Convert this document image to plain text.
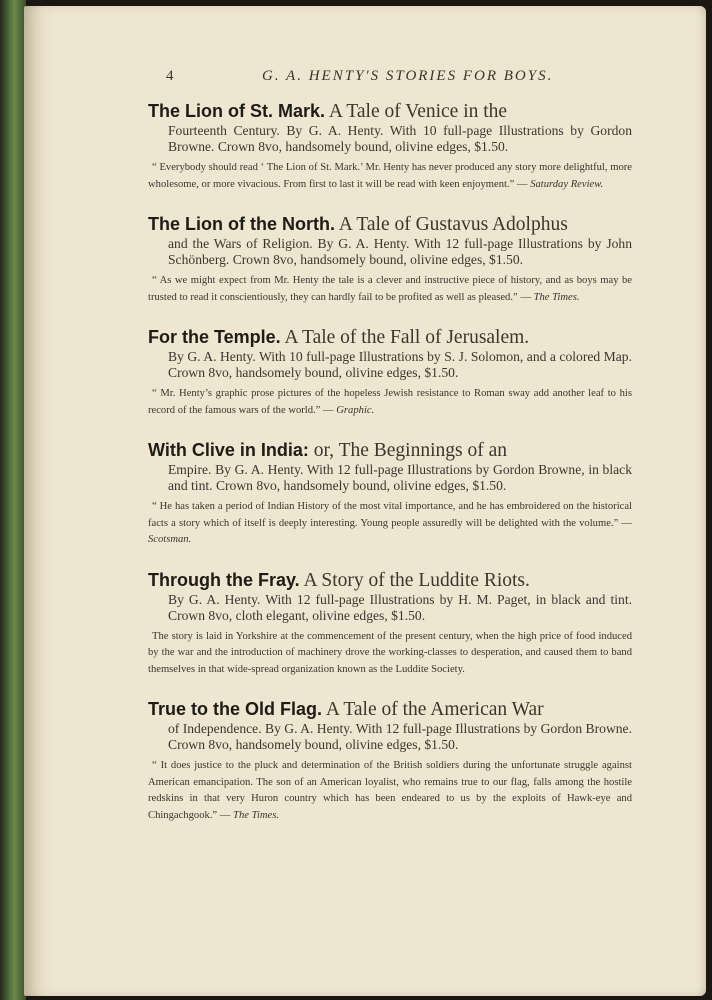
4	G. A. HENTY'S STORIES FOR BOYS.
The Lion of St. Mark. A Tale of Venice in the
Fourteenth Century. By G. A. Henty. With 10 full-page Illustrations by Gordon Browne. Crown 8vo, handsomely bound, olivine edges, $1.50.
“ Everybody should read ‘ The Lion of St. Mark.’ Mr. Henty has never produced any story more delightful, more wholesome, or more vivacious. From first to last it will be read with keen enjoyment.” — Saturday Review.
The Lion of the North. A Tale of Gustavus Adolphus
and the Wars of Religion. By G. A. Henty. With 12 full-page Illustrations by John Schönberg. Crown 8vo, handsomely bound, olivine edges, $1.50.
“ As we might expect from Mr. Henty the tale is a clever and instructive piece of history, and as boys may be trusted to read it conscientiously, they can hardly fail to be profited as well as pleased.” — The Times.
For the Temple. A Tale of the Fall of Jerusalem.
By G. A. Henty. With 10 full-page Illustrations by S. J. Solomon, and a colored Map. Crown 8vo, handsomely bound, olivine edges, $1.50.
“ Mr. Henty’s graphic prose pictures of the hopeless Jewish resistance to Roman sway add another leaf to his record of the famous wars of the world.” — Graphic.
With Clive in India: or, The Beginnings of an
Empire. By G. A. Henty. With 12 full-page Illustrations by Gordon Browne, in black and tint. Crown 8vo, handsomely bound, olivine edges, $1.50.
“ He has taken a period of Indian History of the most vital importance, and he has embroidered on the historical facts a story which of itself is deeply interesting. Young people assuredly will be delighted with the volume.” — Scotsman.
Through the Fray. A Story of the Luddite Riots.
By G. A. Henty. With 12 full-page Illustrations by H. M. Paget, in black and tint. Crown 8vo, cloth elegant, olivine edges, $1.50.
The story is laid in Yorkshire at the commencement of the present century, when the high price of food induced by the war and the introduction of machinery drove the working-classes to desperation, and caused them to band themselves in that wide-spread organization known as the Luddite Society.
True to the Old Flag. A Tale of the American War
of Independence. By G. A. Henty. With 12 full-page Illustrations by Gordon Browne. Crown 8vo, handsomely bound, olivine edges, $1.50.
“ It does justice to the pluck and determination of the British soldiers during the unfortunate struggle against American emancipation. The son of an American loyalist, who remains true to our flag, falls among the hostile redskins in that very Huron country which has been endeared to us by the exploits of Hawk-eye and Chingachgook.” — The Times.
